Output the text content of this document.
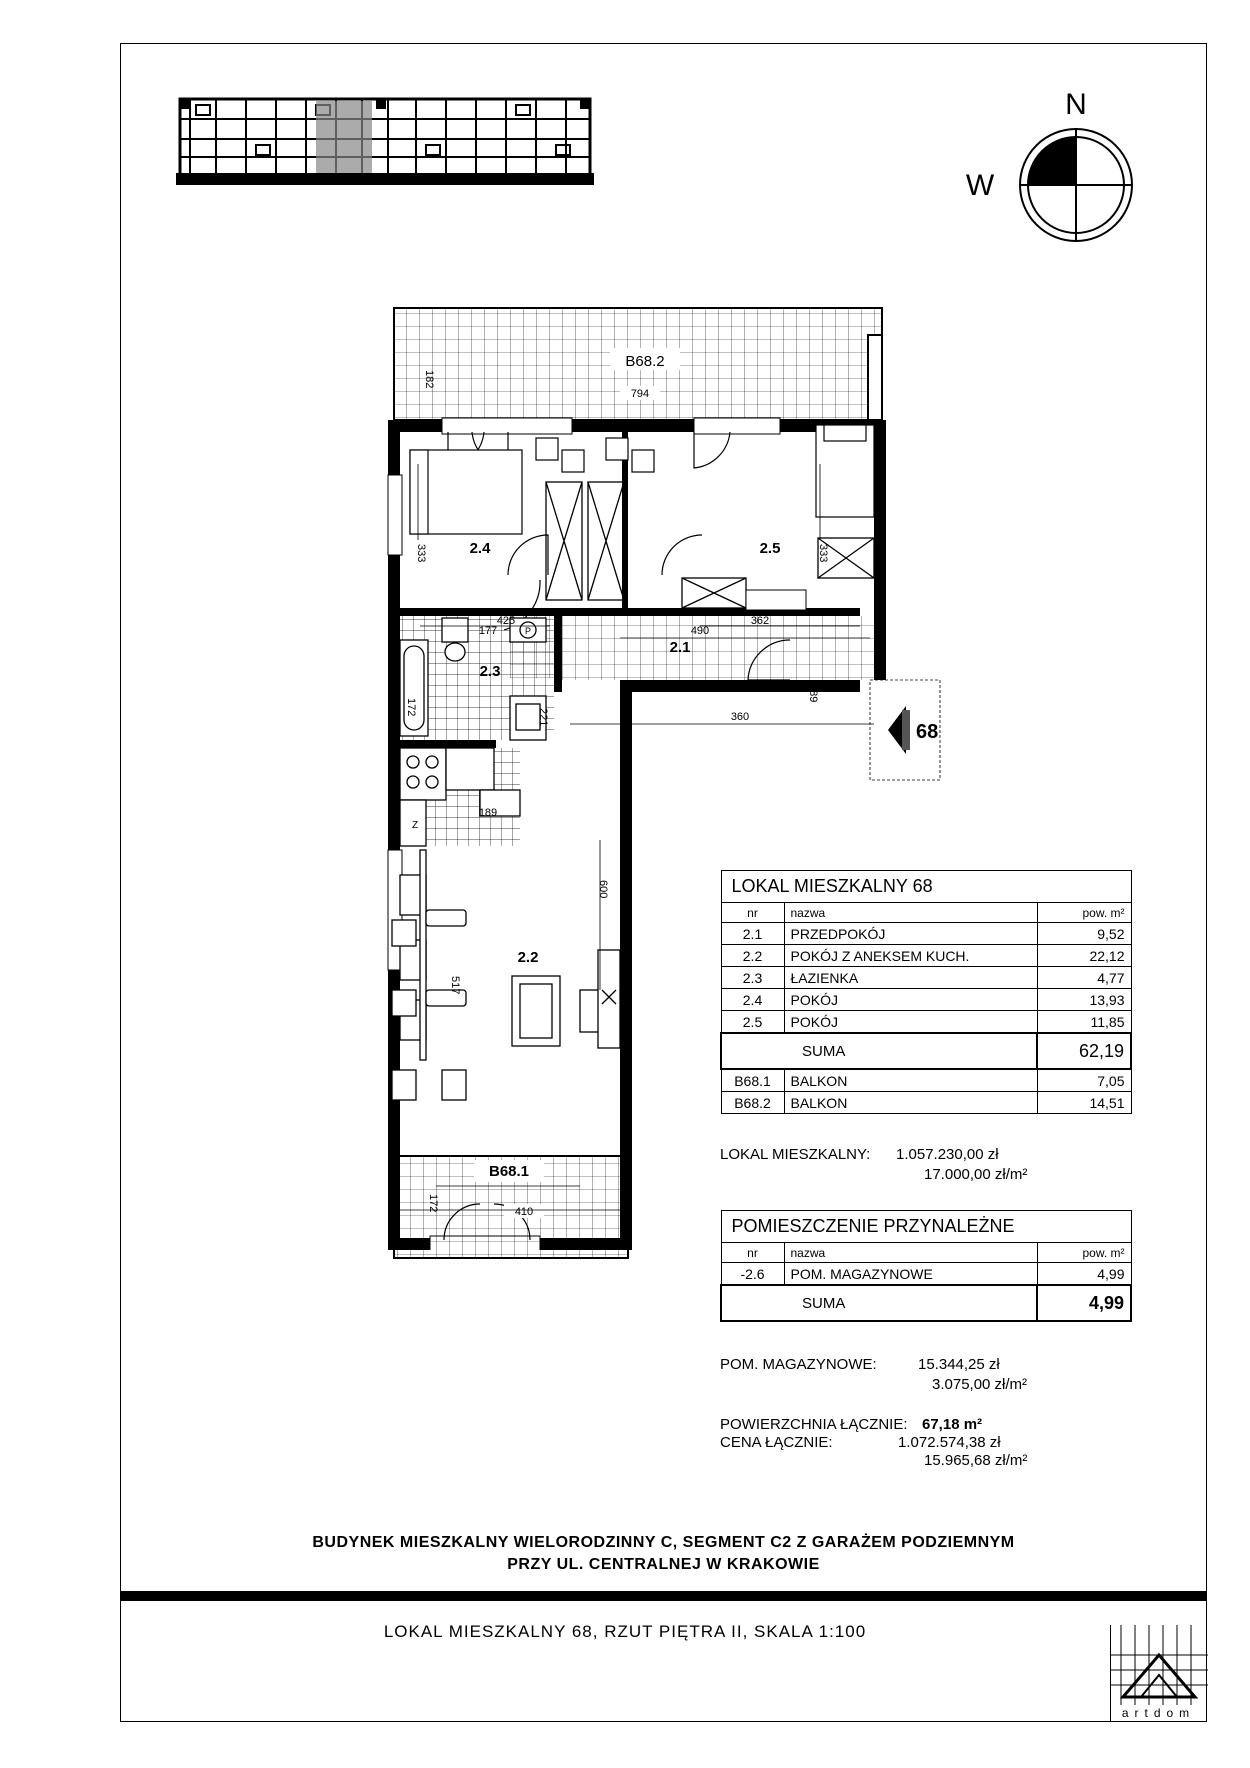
N
W
B68.2
794
182
P
Z
2.4	2.5
2.1
2.3
2.2
333
425
333
362
490
360
189
172
221
177
600
517
189
B68.1
410
172
68
LOKAL MIESZKALNY 68		
nr	nazwa	pow. m²
2.1	PRZEDPOKÓJ	9,52
2.2	POKÓJ Z ANEKSEM KUCH.	22,12
2.3	ŁAZIENKA	4,77
2.4	POKÓJ	13,93
2.5	POKÓJ	11,85
SUMA		62,19
B68.1	BALKON	7,05
B68.2	BALKON	14,51
LOKAL MIESZKALNY: 1.057.230,00 zł
17.000,00 zł/m²
POMIESZCZENIE PRZYNALEŻNE		
nr	nazwa	pow. m²
-2.6	POM. MAGAZYNOWE	4,99
SUMA		4,99
POM. MAGAZYNOWE:	15.344,25 zł
3.075,00 zł/m²
POWIERZCHNIA ŁĄCZNIE: 67,18 m²
CENA ŁĄCZNIE:	1.072.574,38 zł
15.965,68 zł/m²
BUDYNEK MIESZKALNY WIELORODZINNY C, SEGMENT C2 Z GARAŻEM PODZIEMNYM
PRZY UL. CENTRALNEJ W KRAKOWIE
LOKAL MIESZKALNY 68, RZUT PIĘTRA II, SKALA 1:100
artdom
